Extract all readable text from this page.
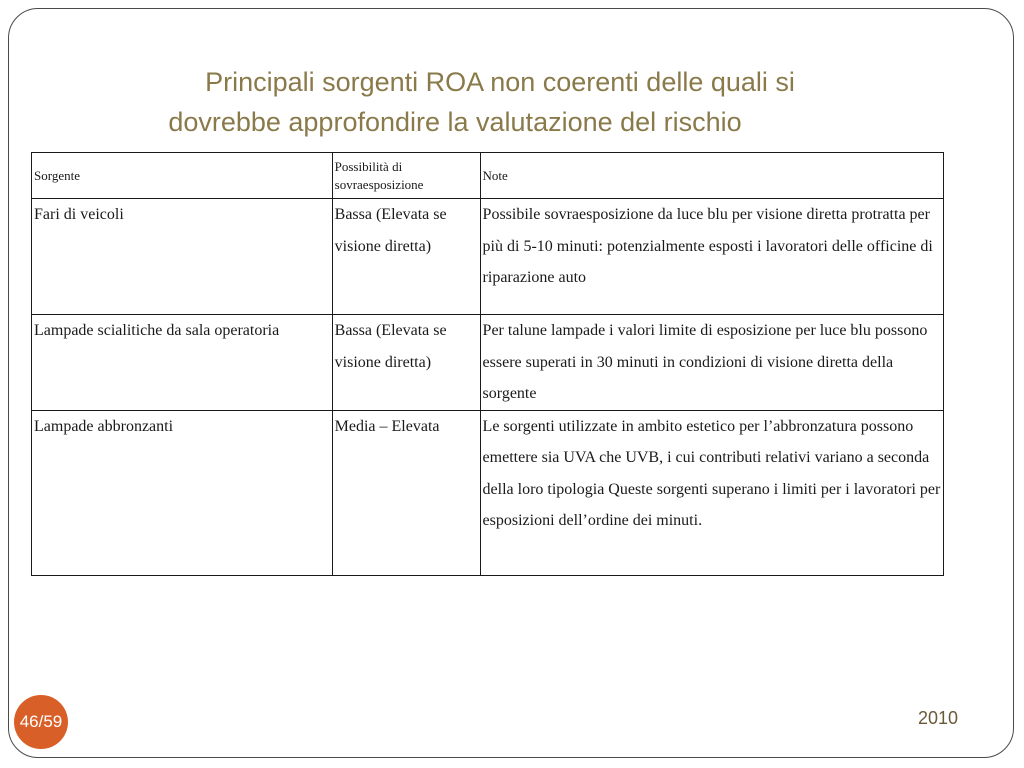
Principali sorgenti ROA non coerenti delle quali si
dovrebbe approfondire la valutazione del rischio
Sorgente	Possibilità di sovraesposizione	Note
Fari di veicoli	Bassa (Elevata se visione diretta)	Possibile sovraesposizione da luce blu per visione diretta protratta per più di 5-10 minuti: potenzialmente esposti i lavoratori delle officine di riparazione auto
Lampade scialitiche da sala operatoria	Bassa (Elevata se visione diretta)	Per talune lampade i valori limite di esposizione per luce blu possono essere superati in 30 minuti in condizioni di visione diretta della sorgente
Lampade abbronzanti	Media – Elevata	Le sorgenti utilizzate in ambito estetico per l’abbronzatura possono emettere sia UVA che UVB, i cui contributi relativi variano a seconda della loro tipologia Queste sorgenti superano i limiti per i lavoratori per esposizioni dell’ordine dei minuti.
46/59	2010
